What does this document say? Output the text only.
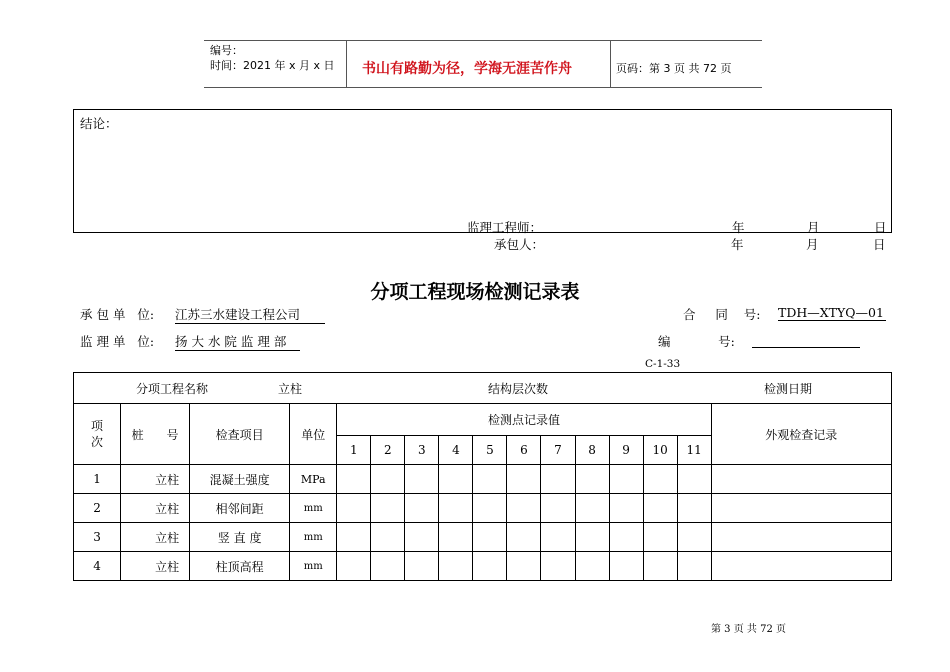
编号：
时间：2021 年 x 月 x 日 书山有路勤为径，学海无涯苦作舟	页码：第 3 页 共 72 页
结论：
监理工程师：	年	月	日
承包人：	年	月	日
分项工程现场检测记录表
承 包 单   位: 江苏三水建设工程公司	合     同    号: TDH—XTYQ—01
监 理 单   位: 扬 大 水 院 监 理 部	编            号:
C-1-33
分项工程名称 立柱 结构层次数 检测日期															

项次	桩      号	检查项目	单位	检测点记录值											外观检查记录
				1	2	3	4	5	6	7	8	9	10	11	
1	立柱	混凝土强度	MPa												
2	立柱	相邻间距	mm												
3	立柱	竖 直 度	mm												
4	立柱	柱顶高程	mm												
第 3 页 共 72 页
